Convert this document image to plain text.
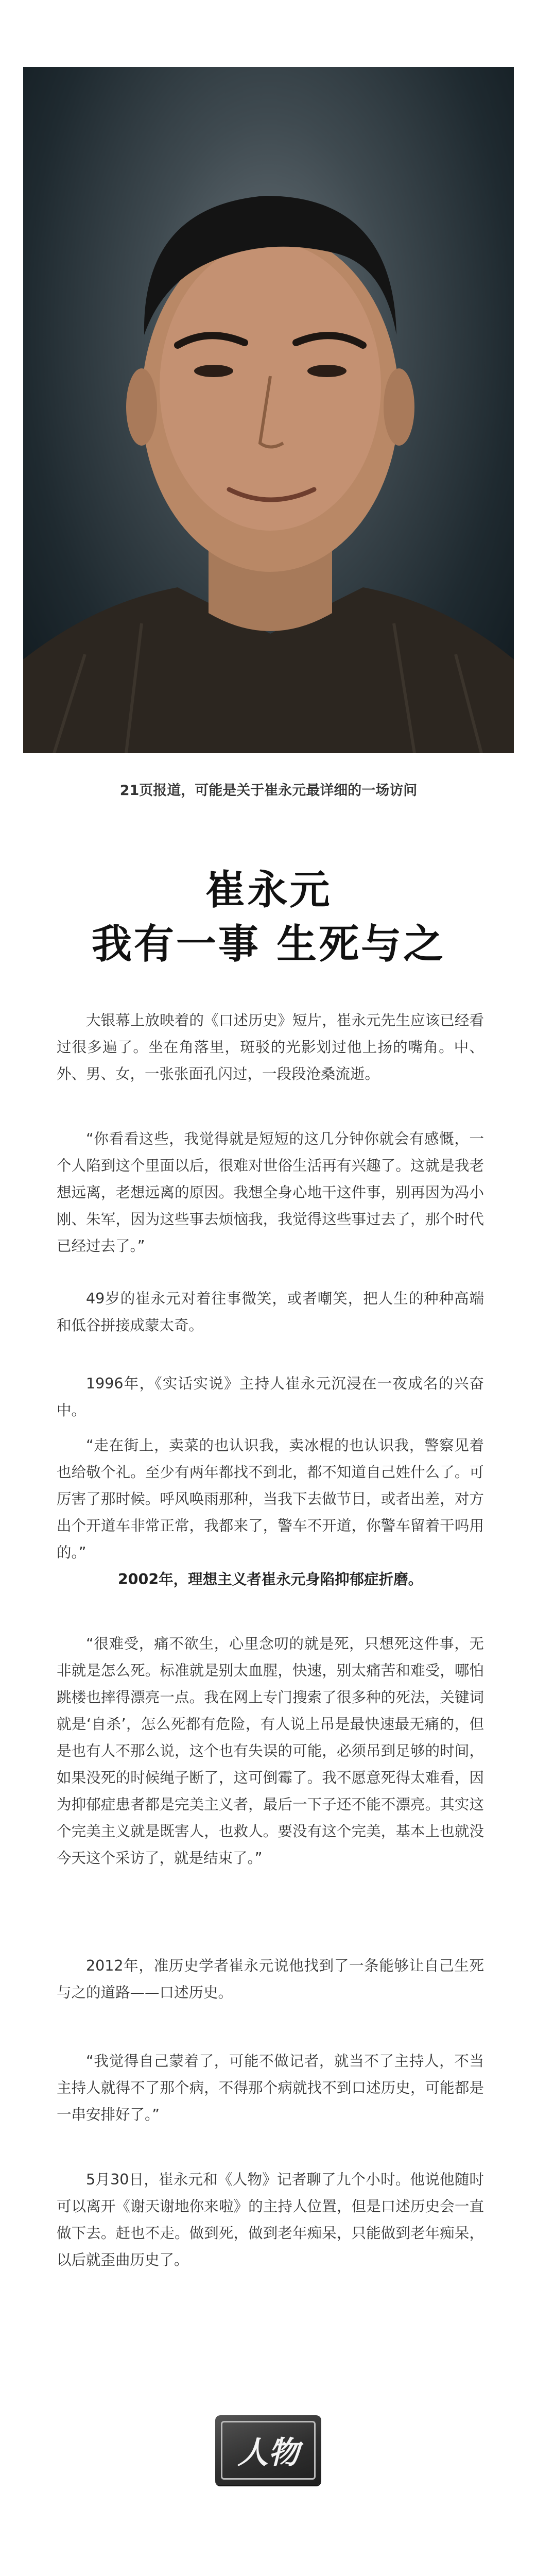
21页报道，可能是关于崔永元最详细的一场访问
崔永元
我有一事 生死与之

大银幕上放映着的《口述历史》短片，崔永元先生应该已经看过很多遍了。坐在角落里，斑驳的光影划过他上扬的嘴角。中、外、男、女，一张张面孔闪过，一段段沧桑流逝。

“你看看这些，我觉得就是短短的这几分钟你就会有感慨，一个人陷到这个里面以后，很难对世俗生活再有兴趣了。这就是我老想远离，老想远离的原因。我想全身心地干这件事，别再因为冯小刚、朱军，因为这些事去烦恼我，我觉得这些事过去了，那个时代已经过去了。”

49岁的崔永元对着往事微笑，或者嘲笑，把人生的种种高端和低谷拼接成蒙太奇。

1996年，《实话实说》主持人崔永元沉浸在一夜成名的兴奋中。

“走在街上，卖菜的也认识我，卖冰棍的也认识我，警察见着也给敬个礼。至少有两年都找不到北，都不知道自己姓什么了。可厉害了那时候。呼风唤雨那种，当我下去做节目，或者出差，对方出个开道车非常正常，我都来了，警车不开道，你警车留着干吗用的。”

2002年，理想主义者崔永元身陷抑郁症折磨。

“很难受，痛不欲生，心里念叨的就是死，只想死这件事，无非就是怎么死。标准就是别太血腥，快速，别太痛苦和难受，哪怕跳楼也摔得漂亮一点。我在网上专门搜索了很多种的死法，关键词就是‘自杀’，怎么死都有危险，有人说上吊是最快速最无痛的，但是也有人不那么说，这个也有失误的可能，必须吊到足够的时间，如果没死的时候绳子断了，这可倒霉了。我不愿意死得太难看，因为抑郁症患者都是完美主义者，最后一下子还不能不漂亮。其实这个完美主义就是既害人，也救人。要没有这个完美，基本上也就没今天这个采访了，就是结束了。”

2012年，准历史学者崔永元说他找到了一条能够让自己生死与之的道路——口述历史。

“我觉得自己蒙着了，可能不做记者，就当不了主持人，不当主持人就得不了那个病，不得那个病就找不到口述历史，可能都是一串安排好了。”

5月30日，崔永元和《人物》记者聊了九个小时。他说他随时可以离开《谢天谢地你来啦》的主持人位置，但是口述历史会一直做下去。赶也不走。做到死，做到老年痴呆，只能做到老年痴呆，以后就歪曲历史了。

人物
